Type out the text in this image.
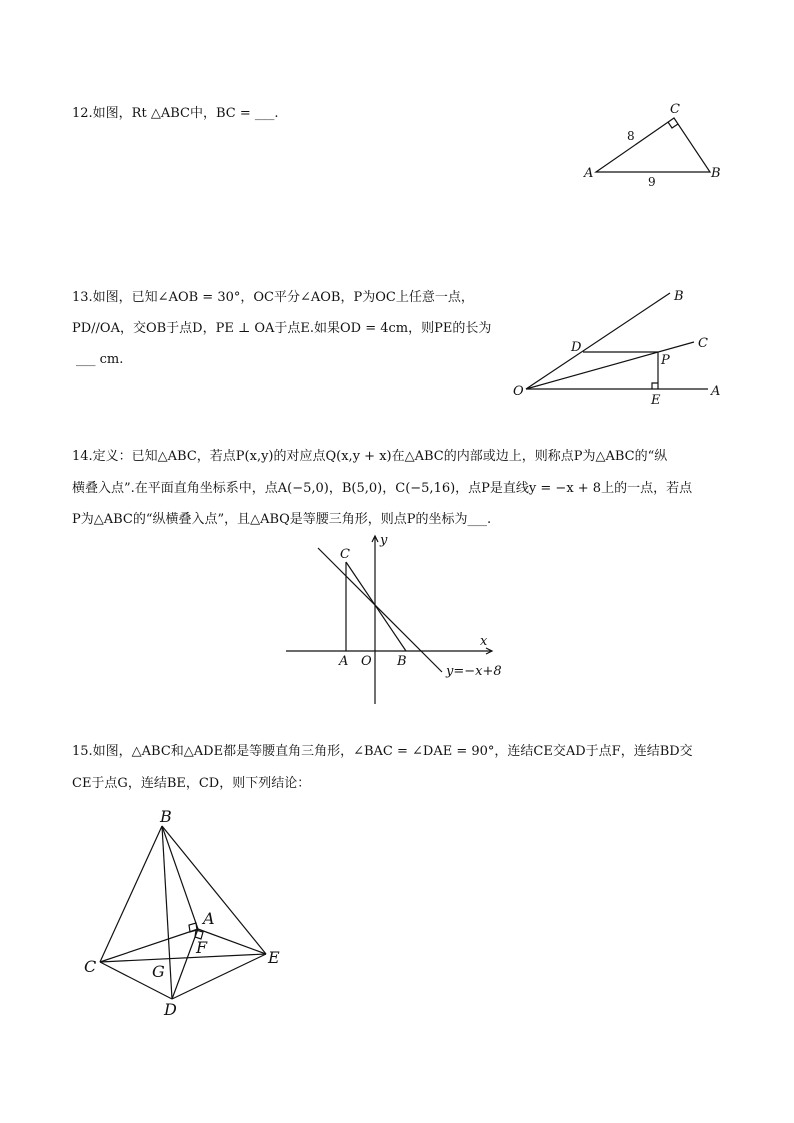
12.如图，Rt △ABC中，BC = ___.	C
A	B
8
9
13.如图，已知∠AOB = 30°，OC平分∠AOB，P为OC上任意一点，
PD//OA，交OB于点D，PE ⊥ OA于点E.如果OD = 4cm，则PE的长为
___ cm.
B
C
D
P
O
E
A
14.定义：已知△ABC，若点P(x,y)的对应点Q(x,y + x)在△ABC的内部或边上，则称点P为△ABC的“纵
横叠入点”.在平面直角坐标系中，点A(−5,0)，B(5,0)，C(−5,16)，点P是直线y = −x + 8上的一点，若点
P为△ABC的“纵横叠入点”，且△ABQ是等腰三角形，则点P的坐标为___.
C
y
x
A O B
y=−x+8
15.如图，△ABC和△ADE都是等腰直角三角形，∠BAC = ∠DAE = 90°，连结CE交AD于点F，连结BD交
CE于点G，连结BE，CD，则下列结论：
B
A
F
C	G
E
D
